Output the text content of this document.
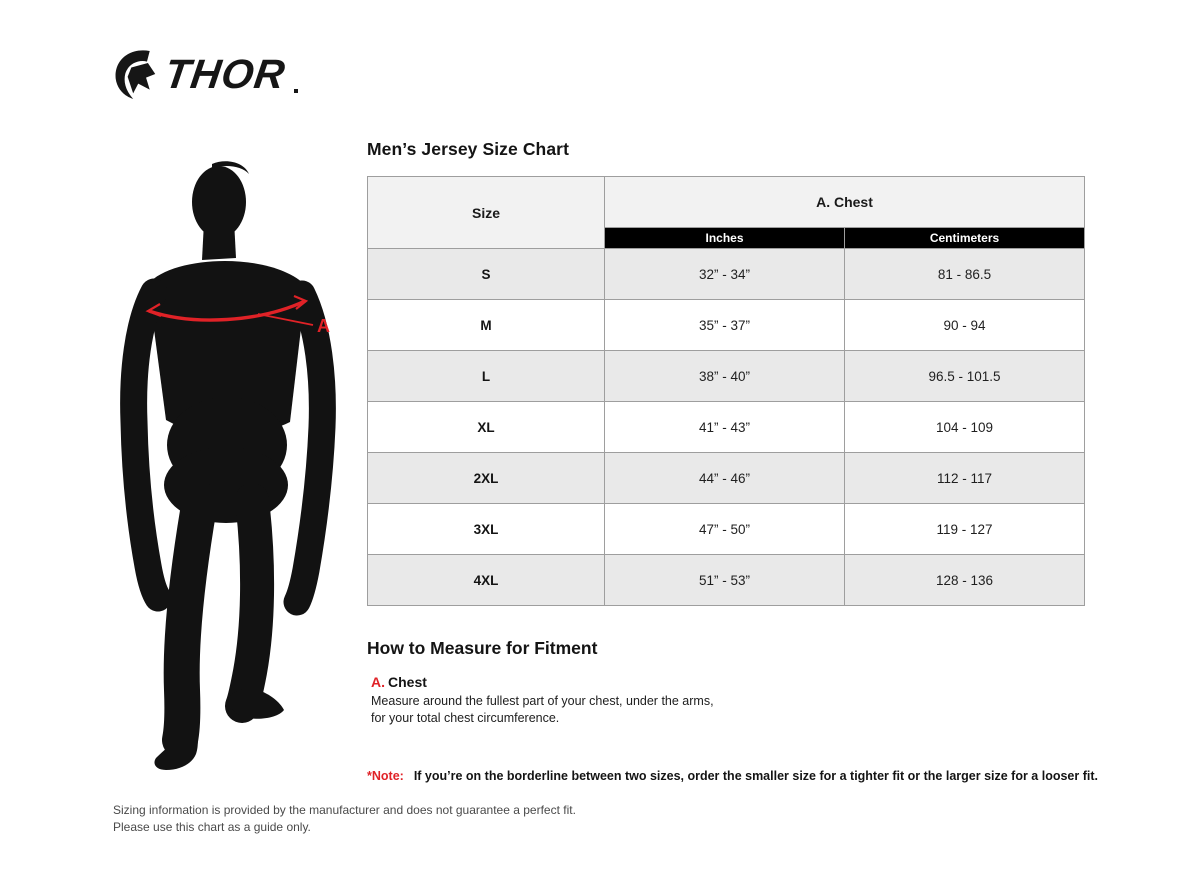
THOR
A
Men’s Jersey Size Chart
Size	A. Chest	
	Inches	Centimeters
S	32” - 34”	81 - 86.5
M	35” - 37”	90 - 94
L	38” - 40”	96.5 - 101.5
XL	41” - 43”	104 - 109
2XL	44” - 46”	112 - 117
3XL	47” - 50”	119 - 127
4XL	51” - 53”	128 - 136
How to Measure for Fitment

A. Chest

Measure around the fullest part of your chest, under the arms, for your total chest circumference.

*Note: If you’re on the borderline between two sizes, order the smaller size for a tighter fit or the larger size for a looser fit.
Sizing information is provided by the manufacturer and does not guarantee a perfect fit.
Please use this chart as a guide only.
